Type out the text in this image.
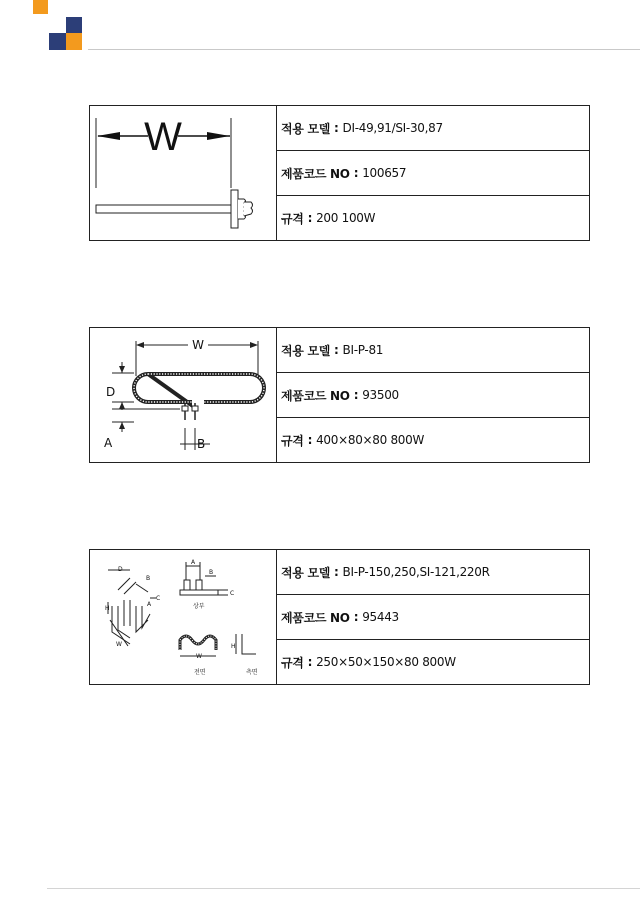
W	적용 모델 : DI-49,91/SI-30,87
제품코드 NO : 100657
규격 : 200 100W
W
D
A	B
적용 모델 : BI-P-81
제품코드 NO : 93500
규격 : 400×80×80 800W
D
B
C
H
A
W
A
B
C
상부
W
전면
H
측면
적용 모델 : BI-P-150,250,SI-121,220R
제품코드 NO : 95443
규격 : 250×50×150×80 800W
